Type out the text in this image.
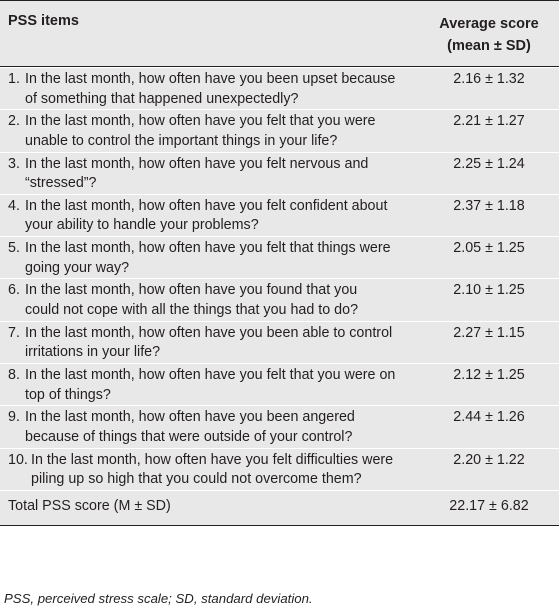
PSS items	Average score
(mean ± SD)
1. In the last month, how often have you been upset because
of something that happened unexpectedly?
2.16 ± 1.32
2. In the last month, how often have you felt that you were
unable to control the important things in your life?
2.21 ± 1.27
3. In the last month, how often have you felt nervous and
“stressed”?
2.25 ± 1.24
4. In the last month, how often have you felt confident about
your ability to handle your problems?
2.37 ± 1.18
5. In the last month, how often have you felt that things were
going your way?
2.05 ± 1.25
6. In the last month, how often have you found that you
could not cope with all the things that you had to do?
2.10 ± 1.25
7. In the last month, how often have you been able to control
irritations in your life?
2.27 ± 1.15
8. In the last month, how often have you felt that you were on
top of things?
2.12 ± 1.25
9. In the last month, how often have you been angered
because of things that were outside of your control?
2.44 ± 1.26
10. In the last month, how often have you felt difficulties were
piling up so high that you could not overcome them?
2.20 ± 1.22
Total PSS score (M ± SD)	22.17 ± 6.82
PSS, perceived stress scale; SD, standard deviation.
